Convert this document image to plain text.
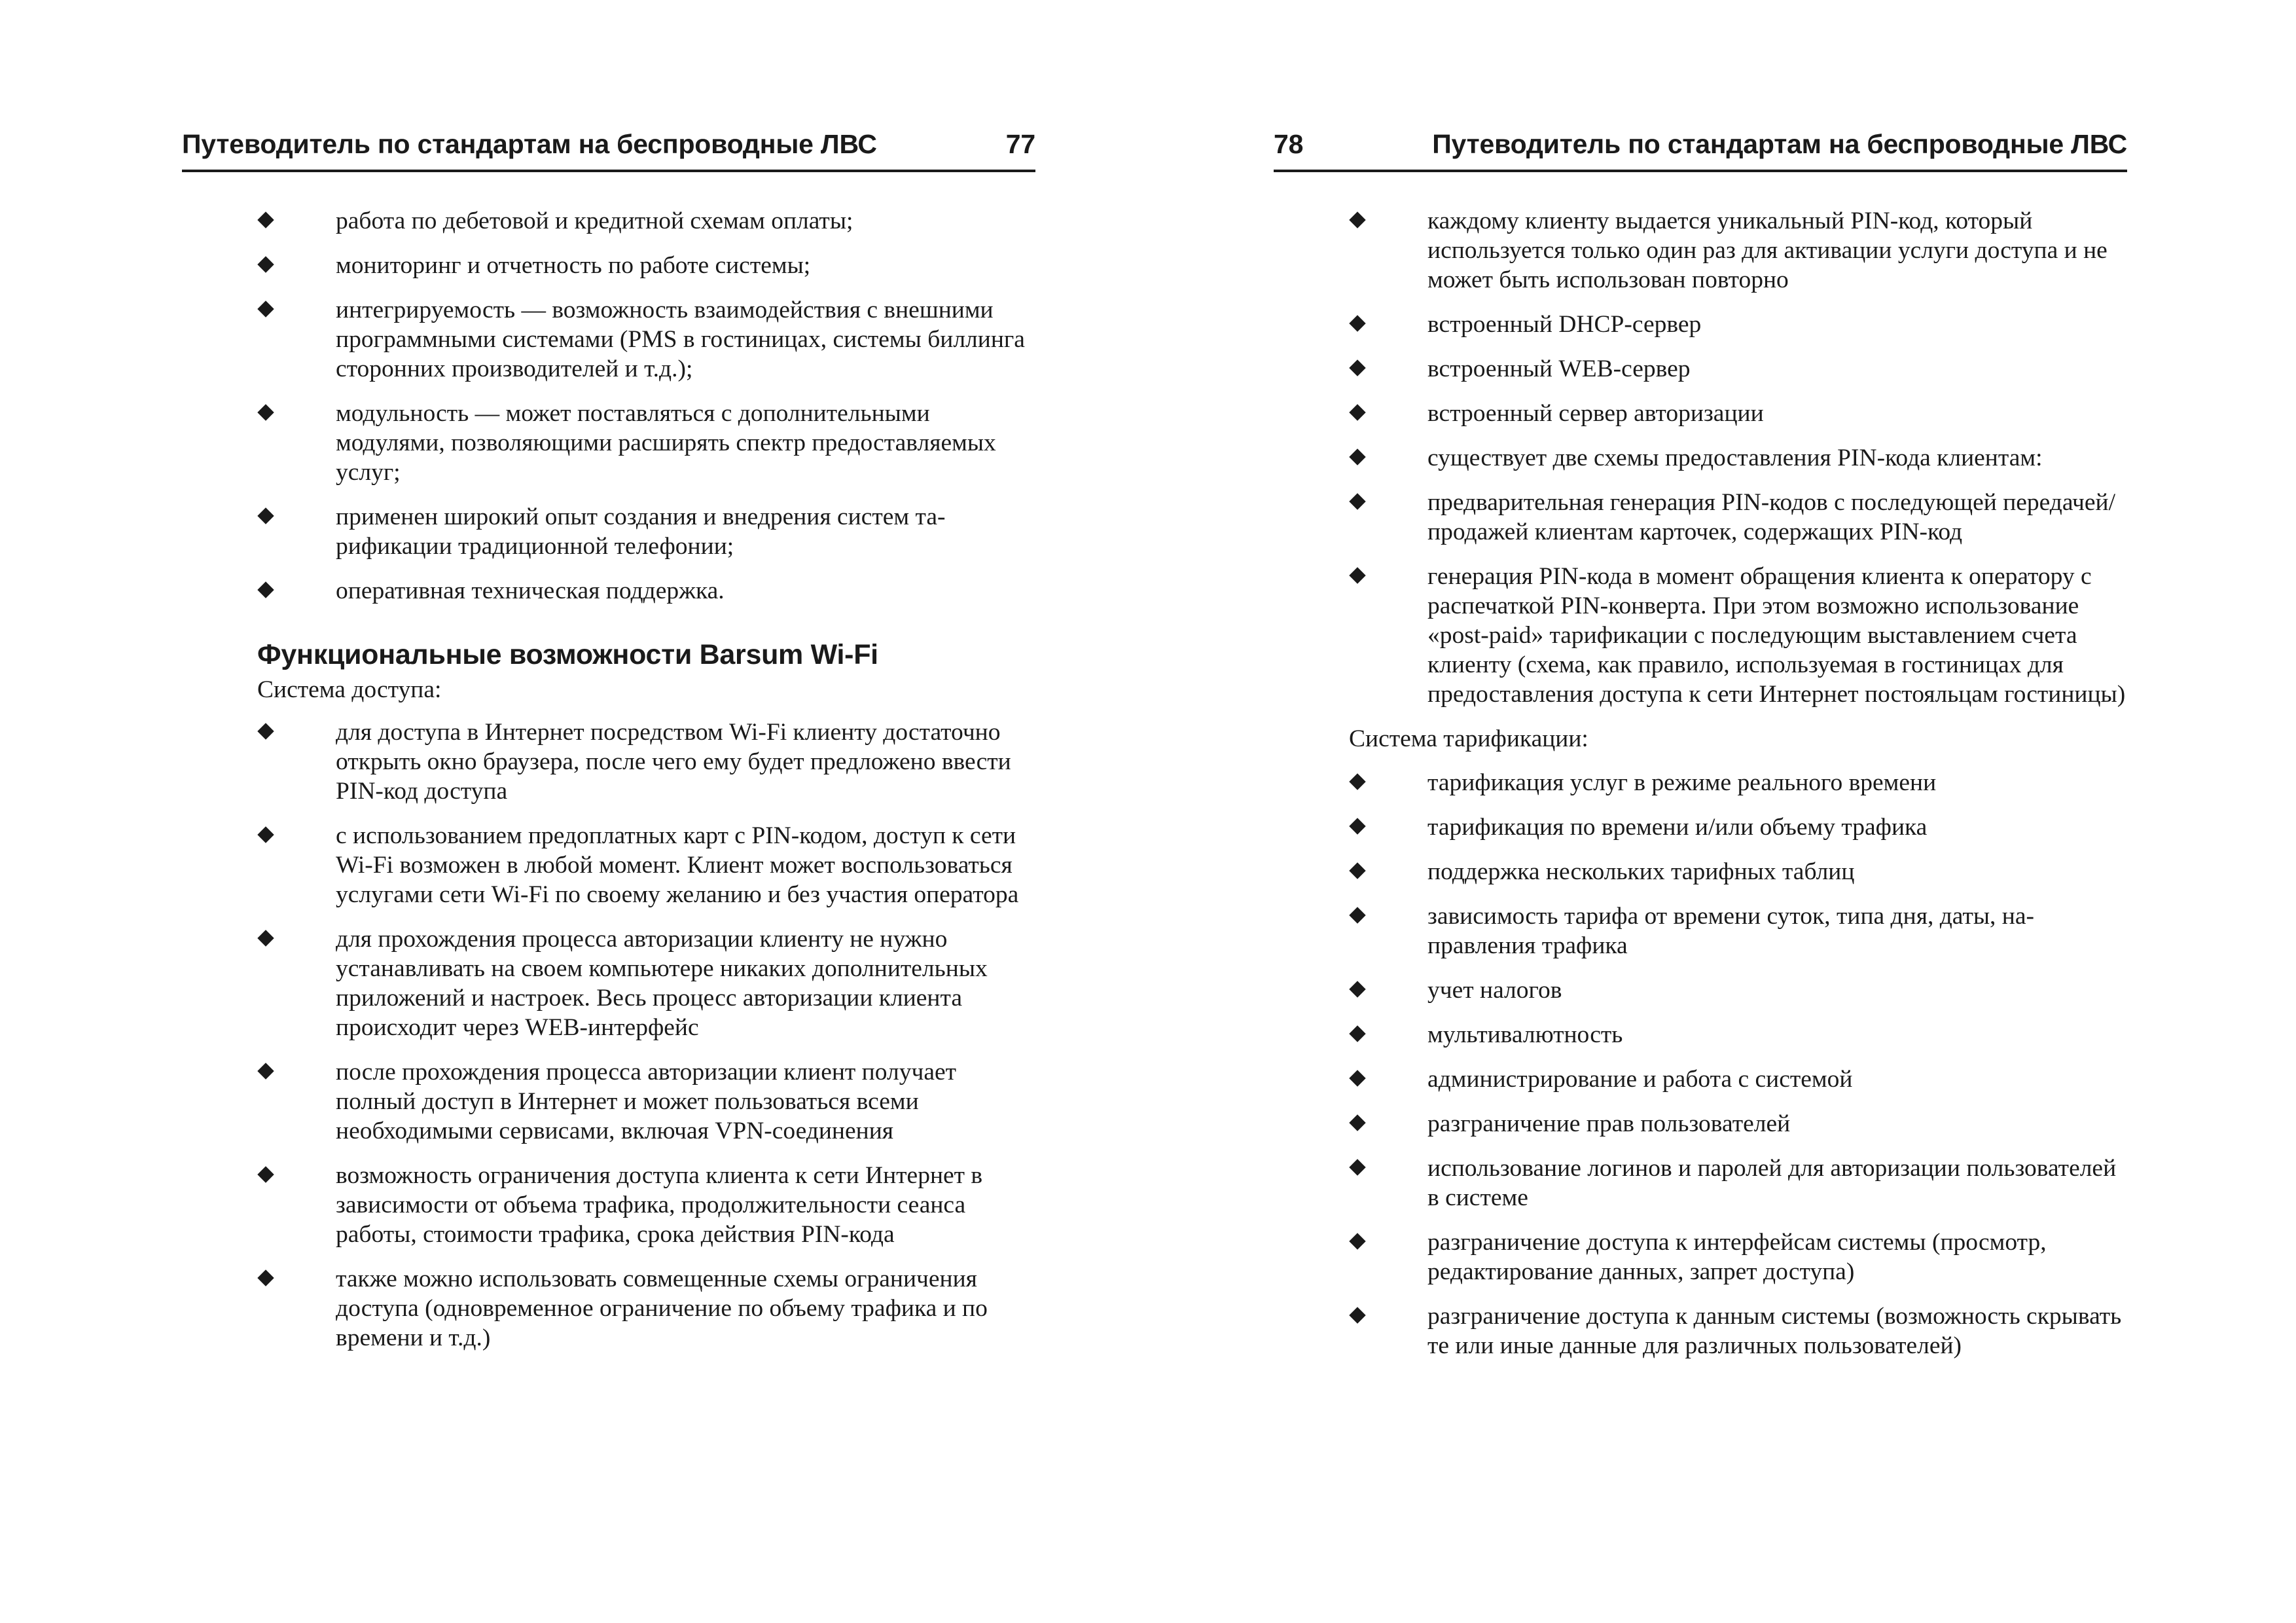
Путеводитель по стандартам на беспроводные ЛВС	77
работа по дебетовой и кредитной схемам оплаты;
мониторинг и отчетность по работе системы;
интегрируемость — возможность взаимодействия с внешними программными системами (PMS в гостиницах, системы биллинга сторонних производителей и т.д.);
модульность — может поставляться с дополнительными модулями, позволяющими расширять спектр предоставляемых услуг;
применен широкий опыт создания и внедрения систем тарификации традиционной телефонии;
оперативная техническая поддержка.
Функциональные возможности Barsum Wi-Fi
Система доступа:
для доступа в Интернет посредством Wi-Fi клиенту достаточно открыть окно браузера, после чего ему будет предложено ввести PIN-код доступа
с использованием предоплатных карт с PIN-кодом, доступ к сети Wi-Fi возможен в любой момент. Клиент может воспользоваться услугами сети Wi-Fi по своему желанию и без участия оператора
для прохождения процесса авторизации клиенту не нужно устанавливать на своем компьютере никаких дополнительных приложений и настроек. Весь процесс авторизации клиента происходит через WEB-интерфейс
после прохождения процесса авторизации клиент получает полный доступ в Интернет и может пользоваться всеми необходимыми сервисами, включая VPN-соединения
возможность ограничения доступа клиента к сети Интернет в зависимости от объема трафика, продолжительности сеанса работы, стоимости трафика, срока действия PIN-кода
также можно использовать совмещенные схемы ограничения доступа (одновременное ограничение по объему трафика и по времени и т.д.)
78	Путеводитель по стандартам на беспроводные ЛВС
каждому клиенту выдается уникальный PIN-код, который используется только один раз для активации услуги доступа и не может быть использован повторно
встроенный DHCP-сервер
встроенный WEB-сервер
встроенный сервер авторизации
существует две схемы предоставления PIN-кода клиентам:
предварительная генерация PIN-кодов с последующей передачей/продажей клиентам карточек, содержащих PIN-код
генерация PIN-кода в момент обращения клиента к оператору с распечаткой PIN-конверта. При этом возможно использование «post-paid» тарификации с последующим выставлением счета клиенту (схема, как правило, используемая в гостиницах для предоставления доступа к сети Интернет постояльцам гостиницы)
Система тарификации:
тарификация услуг в режиме реального времени
тарификация по времени и/или объему трафика
поддержка нескольких тарифных таблиц
зависимость тарифа от времени суток, типа дня, даты, направления трафика
учет налогов
мультивалютность
администрирование и работа с системой
разграничение прав пользователей
использование логинов и паролей для авторизации пользователей в системе
разграничение доступа к интерфейсам системы (просмотр, редактирование данных, запрет доступа)
разграничение доступа к данным системы (возможность скрывать те или иные данные для различных пользователей)
